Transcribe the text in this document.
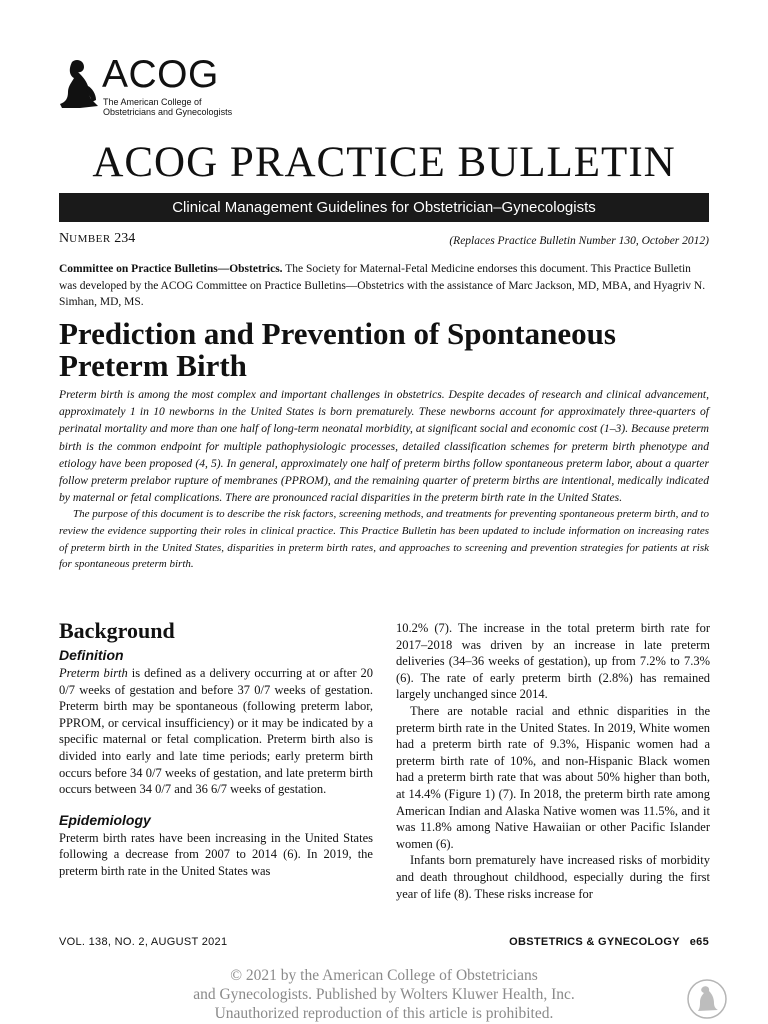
ACOG
The American College of
Obstetricians and Gynecologists
ACOG PRACTICE BULLETIN
Clinical Management Guidelines for Obstetrician–Gynecologists
NUMBER 234	(Replaces Practice Bulletin Number 130, October 2012)
Committee on Practice Bulletins—Obstetrics. The Society for Maternal-Fetal Medicine endorses this document. This Practice Bulletin was developed by the ACOG Committee on Practice Bulletins—Obstetrics with the assistance of Marc Jackson, MD, MBA, and Hyagriv N. Simhan, MD, MS.
Prediction and Prevention of Spontaneous
Preterm Birth

Preterm birth is among the most complex and important challenges in obstetrics. Despite decades of research and clinical advancement, approximately 1 in 10 newborns in the United States is born prematurely. These newborns account for approximately three-quarters of perinatal mortality and more than one half of long-term neonatal morbidity, at significant social and economic cost (1–3). Because preterm birth is the common endpoint for multiple pathophysiologic processes, detailed classification schemes for preterm birth phenotype and etiology have been proposed (4, 5). In general, approximately one half of preterm births follow spontaneous preterm labor, about a quarter follow preterm prelabor rupture of membranes (PPROM), and the remaining quarter of preterm births are intentional, medically indicated by maternal or fetal complications. There are pronounced racial disparities in the preterm birth rate in the United States.

The purpose of this document is to describe the risk factors, screening methods, and treatments for preventing spontaneous preterm birth, and to review the evidence supporting their roles in clinical practice. This Practice Bulletin has been updated to include information on increasing rates of preterm birth in the United States, disparities in preterm birth rates, and approaches to screening and prevention strategies for patients at risk for spontaneous preterm birth.

Background
Definition

Preterm birth is defined as a delivery occurring at or after 20 0/7 weeks of gestation and before 37 0/7 weeks of gestation. Preterm birth may be spontaneous (following preterm labor, PPROM, or cervical insufficiency) or it may be indicated by a specific maternal or fetal complication. Preterm birth also is divided into early and late time periods; early preterm birth occurs before 34 0/7 weeks of gestation, and late preterm birth occurs between 34 0/7 and 36 6/7 weeks of gestation.

Epidemiology

Preterm birth rates have been increasing in the United States following a decrease from 2007 to 2014 (6). In 2019, the preterm birth rate in the United States was

10.2% (7). The increase in the total preterm birth rate for 2017–2018 was driven by an increase in late preterm deliveries (34–36 weeks of gestation), up from 7.2% to 7.3% (6). The rate of early preterm birth (2.8%) has remained largely unchanged since 2014.

There are notable racial and ethnic disparities in the preterm birth rate in the United States. In 2019, White women had a preterm birth rate of 9.3%, Hispanic women had a preterm birth rate of 10%, and non-Hispanic Black women had a preterm birth rate that was about 50% higher than both, at 14.4% (Figure 1) (7). In 2018, the preterm birth rate among American Indian and Alaska Native women was 11.5%, and it was 11.8% among Native Hawaiian or other Pacific Islander women (6).

Infants born prematurely have increased risks of morbidity and death throughout childhood, especially during the first year of life (8). These risks increase for

VOL. 138, NO. 2, AUGUST 2021	OBSTETRICS & GYNECOLOGY   e65
© 2021 by the American College of Obstetricians
and Gynecologists. Published by Wolters Kluwer Health, Inc.
Unauthorized reproduction of this article is prohibited.
